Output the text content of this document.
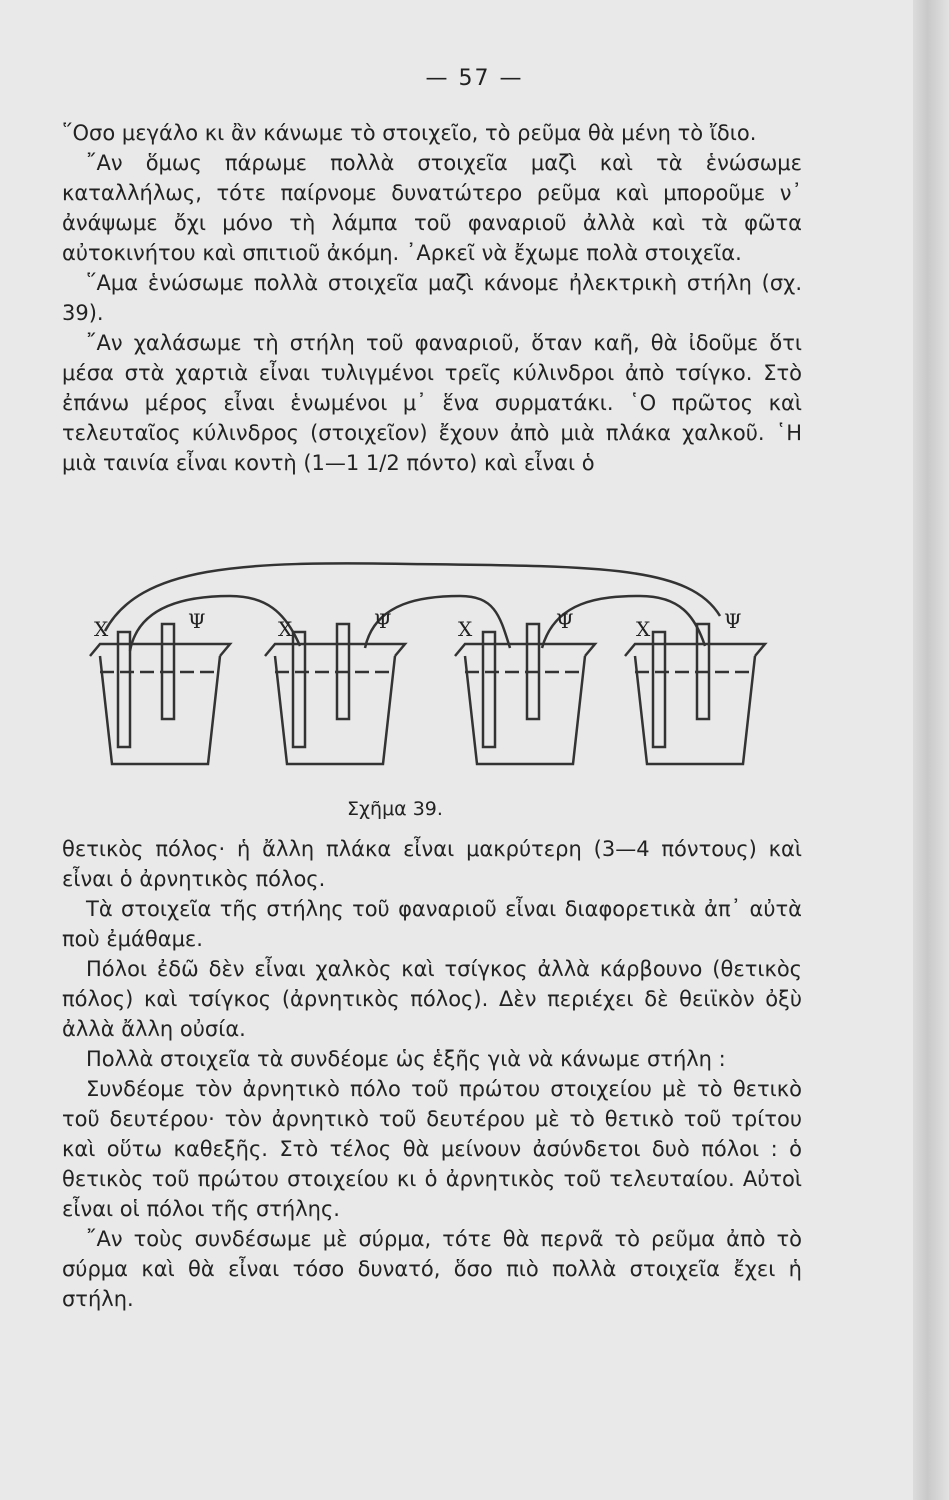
— 57 —

῞Οσο μεγάλο κι ἂν κάνωμε τὸ στοιχεῖο, τὸ ρεῦμα θὰ μένη τὸ ἴδιο.

῎Αν ὅμως πάρωμε πολλὰ στοιχεῖα μαζὶ καὶ τὰ ἑνώσωμε καταλλήλως, τότε παίρνομε δυνατώτερο ρεῦμα καὶ μποροῦμε ν᾿ ἀνάψωμε ὄχι μόνο τὴ λάμπα τοῦ φαναριοῦ ἀλλὰ καὶ τὰ φῶτα αὐτοκινήτου καὶ σπιτιοῦ ἀκόμη. ᾿Αρκεῖ νὰ ἔχωμε πολὰ στοιχεῖα.

῞Αμα ἑνώσωμε πολλὰ στοιχεῖα μαζὶ κάνομε ἠλεκτρικὴ στήλη (σχ. 39).

῎Αν χαλάσωμε τὴ στήλη τοῦ φαναριοῦ, ὅταν καῆ, θὰ ἰδοῦμε ὅτι μέσα στὰ χαρτιὰ εἶναι τυλιγμένοι τρεῖς κύλινδροι ἀπὸ τσίγκο. Στὸ ἐπάνω μέρος εἶναι ἑνωμένοι μ᾿ ἕνα συρματάκι. ῾Ο πρῶτος καὶ τελευταῖος κύλινδρος (στοιχεῖον) ἔχουν ἀπὸ μιὰ πλάκα χαλκοῦ. ῾Η μιὰ ταινία εἶναι κοντὴ (1—1 1/2 πόντο) καὶ εἶναι ὁ

Χ	Ψ	Χ	Ψ	Χ	Ψ	Χ	Ψ
Σχῆμα 39.

θετικὸς πόλος· ἡ ἄλλη πλάκα εἶναι μακρύτερη (3—4 πόντους) καὶ εἶναι ὁ ἀρνητικὸς πόλος.

Τὰ στοιχεῖα τῆς στήλης τοῦ φαναριοῦ εἶναι διαφορετικὰ ἀπ᾿ αὐτὰ ποὺ ἐμάθαμε.

Πόλοι ἐδῶ δὲν εἶναι χαλκὸς καὶ τσίγκος ἀλλὰ κάρβουνο (θετικὸς πόλος) καὶ τσίγκος (ἀρνητικὸς πόλος). Δὲν περιέχει δὲ θειϊκὸν ὀξὺ ἀλλὰ ἄλλη οὐσία.

Πολλὰ στοιχεῖα τὰ συνδέομε ὡς ἑξῆς γιὰ νὰ κάνωμε στήλη :

Συνδέομε τὸν ἀρνητικὸ πόλο τοῦ πρώτου στοιχείου μὲ τὸ θετικὸ τοῦ δευτέρου· τὸν ἀρνητικὸ τοῦ δευτέρου μὲ τὸ θετικὸ τοῦ τρίτου καὶ οὕτω καθεξῆς. Στὸ τέλος θὰ μείνουν ἀσύνδετοι δυὸ πόλοι : ὁ θετικὸς τοῦ πρώτου στοιχείου κι ὁ ἀρνητικὸς τοῦ τελευταίου. Αὐτοὶ εἶναι οἱ πόλοι τῆς στήλης.

῎Αν τοὺς συνδέσωμε μὲ σύρμα, τότε θὰ περνᾶ τὸ ρεῦμα ἀπὸ τὸ σύρμα καὶ θὰ εἶναι τόσο δυνατό, ὅσο πιὸ πολλὰ στοιχεῖα ἔχει ἡ στήλη.
